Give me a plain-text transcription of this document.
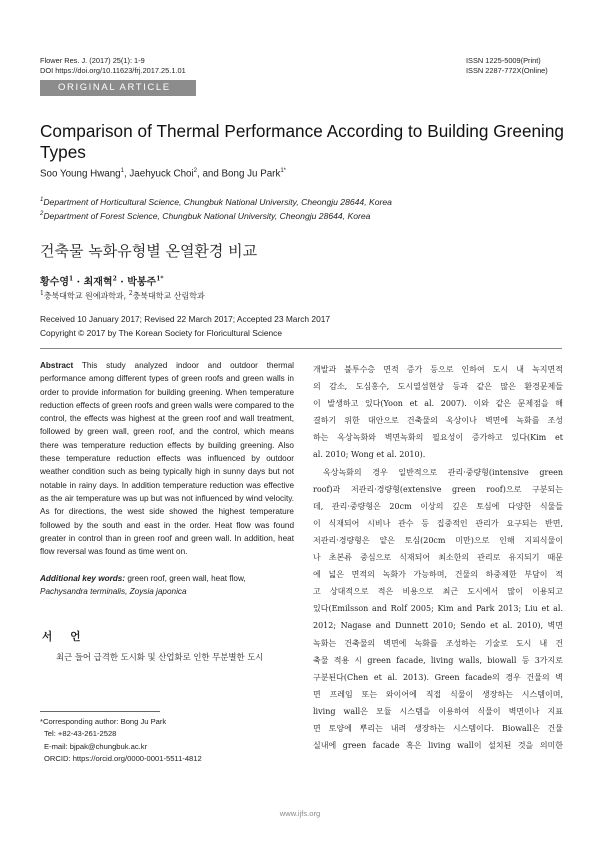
Flower Res. J. (2017) 25(1): 1-9
DOI https://doi.org/10.11623/frj.2017.25.1.01
ISSN 1225-5009(Print)
ISSN 2287-772X(Online)
ORIGINAL ARTICLE
Comparison of Thermal Performance According to Building Greening Types
Soo Young Hwang$^1$, Jaehyuck Choi$^2$, and Bong Ju Park$^{1*}$
$^1$Department of Horticultural Science, Chungbuk National University, Cheongju 28644, Korea
$^2$Department of Forest Science, Chungbuk National University, Cheongju 28644, Korea
건축물 녹화유형별 온열환경 비교
황수영$^1$ · 최재혁$^2$ · 박봉주$^{1*}$
$^1$충북대학교 원예과학과, $^2$충북대학교 산림학과
Received 10 January 2017; Revised 22 March 2017; Accepted 23 March 2017
Copyright © 2017 by The Korean Society for Floricultural Science
Abstract This study analyzed indoor and outdoor thermal performance among different types of green roofs and green walls in order to provide information for building greening. When temperature reduction effects of green roofs and green walls were compared to the control, the effects was highest at the green roof and wall treatment, followed by green wall, green roof, and the control, which means there was temperature reduction effects by building greening. Also these temperature reduction effects was influenced by outdoor weather condition such as being typically high in sunny days but not notable in rainy days. In addition temperature reduction was effective as the air temperature was up but was not influenced by wind velocity. As for directions, the west side showed the highest temperature followed by the south and east in the order. Heat flow was found greater in control than in green roof and green wall. In addition, heat flow reversal was found as time went on.
Additional key words: green roof, green wall, heat flow, Pachysandra terminalis, Zoysia japonica
서언
최근 들어 급격한 도시화 및 산업화로 인한 무분별한 도시
*Corresponding author: Bong Ju Park
Tel: +82-43-261-2528
E-mail: bjpak@chungbuk.ac.kr
ORCID: https://orcid.org/0000-0001-5511-4812
개발과 불투수층 면적 증가 등으로 인하여 도시 내 녹지면적
의 감소, 도심홍수, 도시열섬현상 등과 같은 많은 환경문제들
이 발생하고 있다(Yoon et al. 2007). 이와 같은 문제점을 해
결하기 위한 대안으로 건축물의 옥상이나 벽면에 녹화를 조성
하는 옥상녹화와 벽면녹화의 필요성이 증가하고 있다(Kim et
al. 2010; Wong et al. 2010).
옥상녹화의 경우 일반적으로 관리·중량형(intensive green
roof)과 저관리·경량형(extensive green roof)으로 구분되는
데, 관리·중량형은 20cm 이상의 깊은 토심에 다양한 식물들
이 식재되어 시비나 관수 등 집중적인 관리가 요구되는 반면,
저관리·경량형은 얕은 토심(20cm 미만)으로 인해 지피식물이
나 초본류 중심으로 식재되어 최소한의 관리로 유지되기 때문
에 넓은 면적의 녹화가 가능하며, 건물의 하중제한 부담이 적
고 상대적으로 적은 비용으로 최근 도시에서 많이 이용되고
있다(Emilsson and Rolf 2005; Kim and Park 2013; Liu et al.
2012; Nagase and Dunnett 2010; Sendo et al. 2010), 벽면
녹화는 건축물의 벽면에 녹화를 조성하는 기술로 도시 내 건
축물 적용 시 green facade, living walls, biowall 등 3가지로
구분된다(Chen et al. 2013). Green facade의 경우 건물의 벽
면 프레임 또는 와이어에 직접 식물이 생장하는 시스템이며,
living wall은 모듈 시스템을 이용하여 식물이 벽면이나 지표
면 토양에 뿌리는 내려 생장하는 시스템이다. Biowall은 건물
실내에 green facade 혹은 living wall이 설치된 것을 의미한
www.ijfs.org
